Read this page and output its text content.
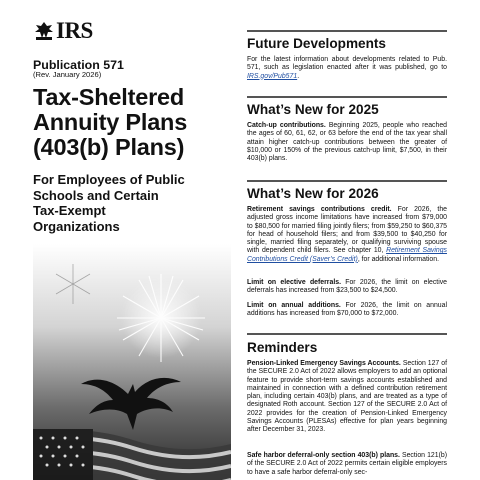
IRS
Publication 571
(Rev. January 2026)
Tax-Sheltered
Annuity Plans
(403(b) Plans)
For Employees of Public
Schools and Certain
Tax-Exempt
Organizations
Future Developments
For the latest information about developments related to Pub. 571, such as legislation enacted after it was published, go to IRS.gov/Pub571.
What’s New for 2025
Catch-up contributions. Beginning 2025, people who reached the ages of 60, 61, 62, or 63 before the end of the tax year shall attain higher catch-up contributions between the greater of $10,000 or 150% of the previous catch-up limit, $7,500, in their 403(b) plans.
What’s New for 2026
Retirement savings contributions credit. For 2026, the adjusted gross income limitations have increased from $79,000 to $80,500 for married filing jointly filers; from $59,250 to $60,375 for head of household filers; and from $39,500 to $40,250 for single, married filing separately, or qualifying surviving spouse with dependent child filers. See chapter 10, Retirement Savings Contributions Credit (Saver’s Credit), for additional information.
Limit on elective deferrals. For 2026, the limit on elective deferrals has increased from $23,500 to $24,500.
Limit on annual additions. For 2026, the limit on annual additions has increased from $70,000 to $72,000.
Reminders
Pension-Linked Emergency Savings Accounts. Section 127 of the SECURE 2.0 Act of 2022 allows employers to add an optional feature to provide short-term savings accounts established and maintained in connection with a defined contribution retirement plan, including certain 403(b) plans, and are treated as a type of designated Roth account. Section 127 of the SECURE 2.0 Act of 2022 provides for the creation of Pension-Linked Emergency Savings Accounts (PLESAs) effective for plan years beginning after December 31, 2023.
Safe harbor deferral-only section 403(b) plans. Section 121(b) of the SECURE 2.0 Act of 2022 permits certain eligible employers to have a safe harbor deferral-only sec-
